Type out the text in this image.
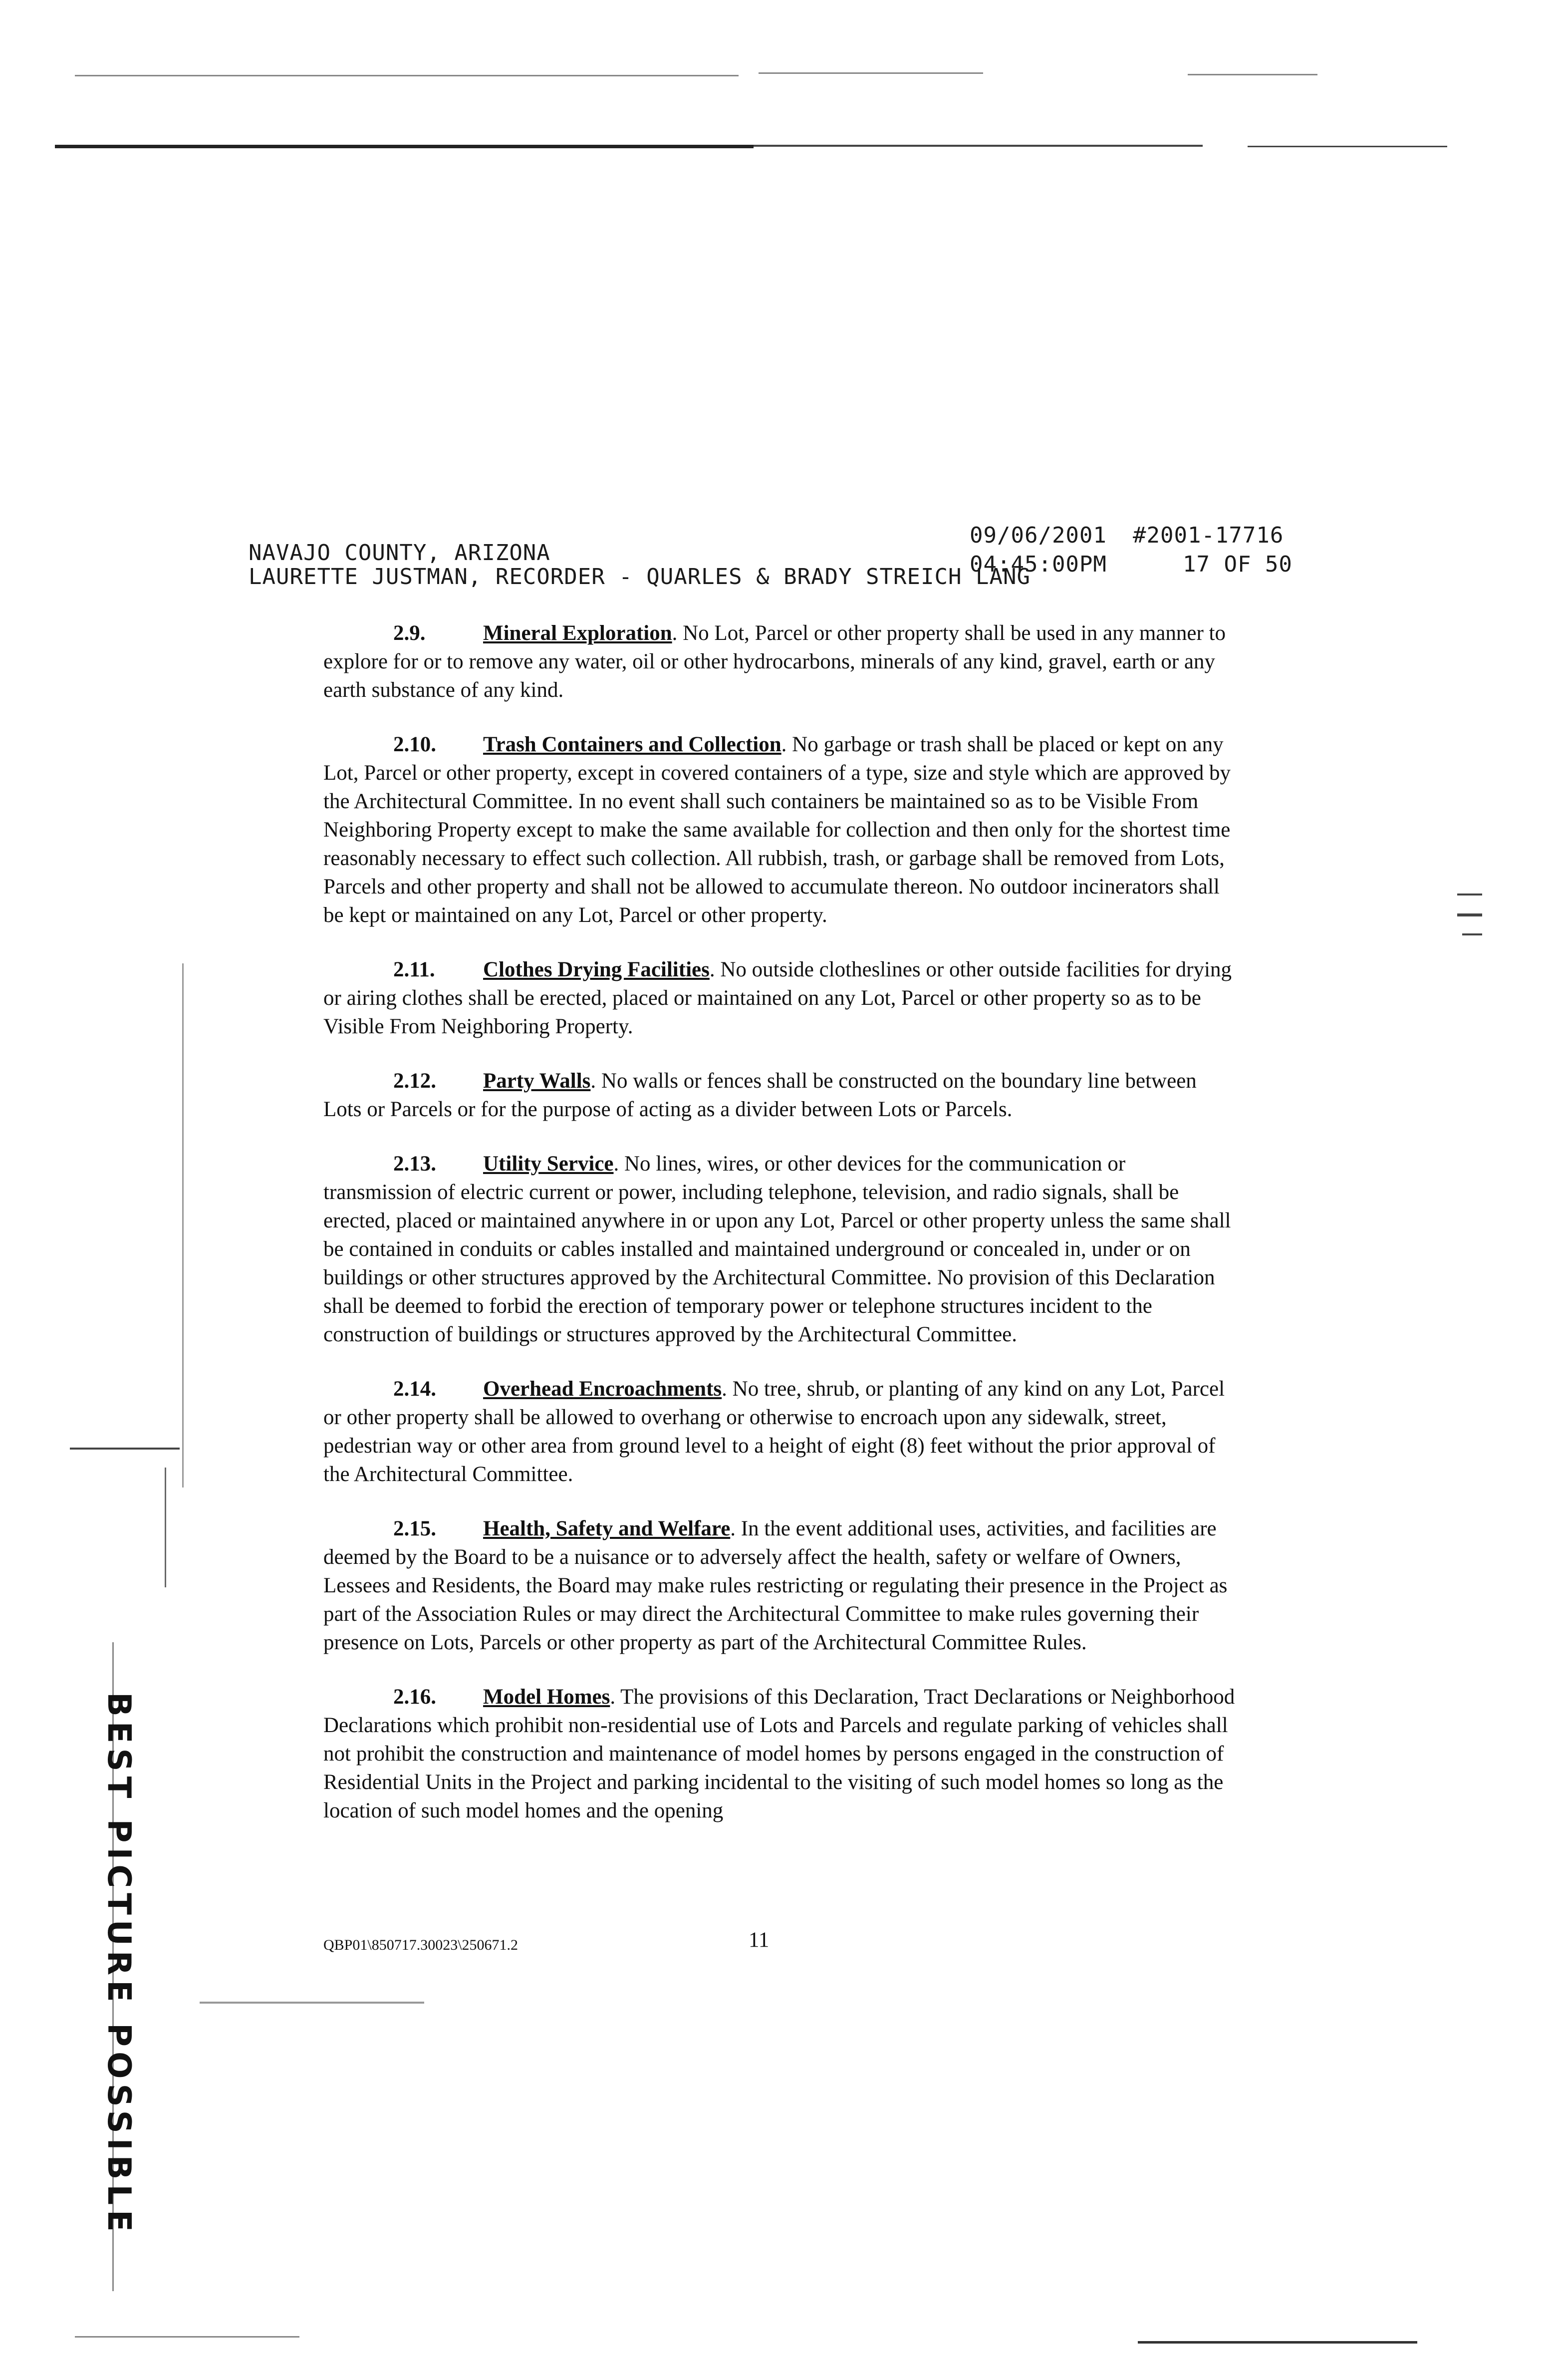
NAVAJO COUNTY, ARIZONA
LAURETTE JUSTMAN, RECORDER - QUARLES & BRADY STREICH LANG
09/06/2001 #2001-17716
04:45:00PM	17 OF 50

2.9.	Mineral Exploration. No Lot, Parcel or other property shall be used in any manner to explore for or to remove any water, oil or other hydrocarbons, minerals of any kind, gravel, earth or any earth substance of any kind.

2.10. Trash Containers and Collection. No garbage or trash shall be placed or kept on any Lot, Parcel or other property, except in covered containers of a type, size and style which are approved by the Architectural Committee. In no event shall such containers be maintained so as to be Visible From Neighboring Property except to make the same available for collection and then only for the shortest time reasonably necessary to effect such collection. All rubbish, trash, or garbage shall be removed from Lots, Parcels and other property and shall not be allowed to accumulate thereon. No outdoor incinerators shall be kept or maintained on any Lot, Parcel or other property.

2.11. Clothes Drying Facilities. No outside clotheslines or other outside facilities for drying or airing clothes shall be erected, placed or maintained on any Lot, Parcel or other property so as to be Visible From Neighboring Property.

2.12. Party Walls. No walls or fences shall be constructed on the boundary line between Lots or Parcels or for the purpose of acting as a divider between Lots or Parcels.

2.13. Utility Service. No lines, wires, or other devices for the communication or transmission of electric current or power, including telephone, television, and radio signals, shall be erected, placed or maintained anywhere in or upon any Lot, Parcel or other property unless the same shall be contained in conduits or cables installed and maintained underground or concealed in, under or on buildings or other structures approved by the Architectural Committee. No provision of this Declaration shall be deemed to forbid the erection of temporary power or telephone structures incident to the construction of buildings or structures approved by the Architectural Committee.

2.14. Overhead Encroachments. No tree, shrub, or planting of any kind on any Lot, Parcel or other property shall be allowed to overhang or otherwise to encroach upon any sidewalk, street, pedestrian way or other area from ground level to a height of eight (8) feet without the prior approval of the Architectural Committee.

2.15. Health, Safety and Welfare. In the event additional uses, activities, and facilities are deemed by the Board to be a nuisance or to adversely affect the health, safety or welfare of Owners, Lessees and Residents, the Board may make rules restricting or regulating their presence in the Project as part of the Association Rules or may direct the Architectural Committee to make rules governing their presence on Lots, Parcels or other property as part of the Architectural Committee Rules.

2.16. Model Homes. The provisions of this Declaration, Tract Declarations or Neighborhood Declarations which prohibit non-residential use of Lots and Parcels and regulate parking of vehicles shall not prohibit the construction and maintenance of model homes by persons engaged in the construction of Residential Units in the Project and parking incidental to the visiting of such model homes so long as the location of such model homes and the opening

QBP01\850717.30023\250671.2	11
BEST PICTURE POSSIBLE
